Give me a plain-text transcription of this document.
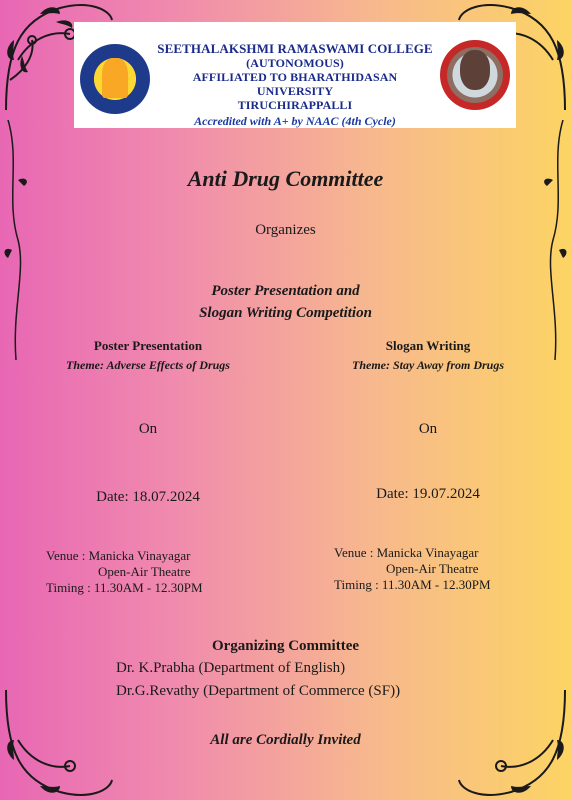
SEETHALAKSHMI RAMASWAMI COLLEGE
(AUTONOMOUS)
AFFILIATED TO BHARATHIDASAN UNIVERSITY
TIRUCHIRAPPALLI
Accredited with A+ by NAAC (4th Cycle)
Anti Drug Committee
Organizes
Poster Presentation and
Slogan Writing Competition
Poster Presentation
Theme: Adverse Effects of Drugs
On
Date: 18.07.2024
Venue : Manicka Vinayagar
Open-Air Theatre
Timing : 11.30AM - 12.30PM
Slogan Writing
Theme: Stay Away from Drugs
On
Date: 19.07.2024
Venue : Manicka Vinayagar
Open-Air Theatre
Timing : 11.30AM - 12.30PM
Organizing Committee
Dr. K.Prabha (Department of English)
Dr.G.Revathy (Department of Commerce (SF))
All are Cordially Invited
